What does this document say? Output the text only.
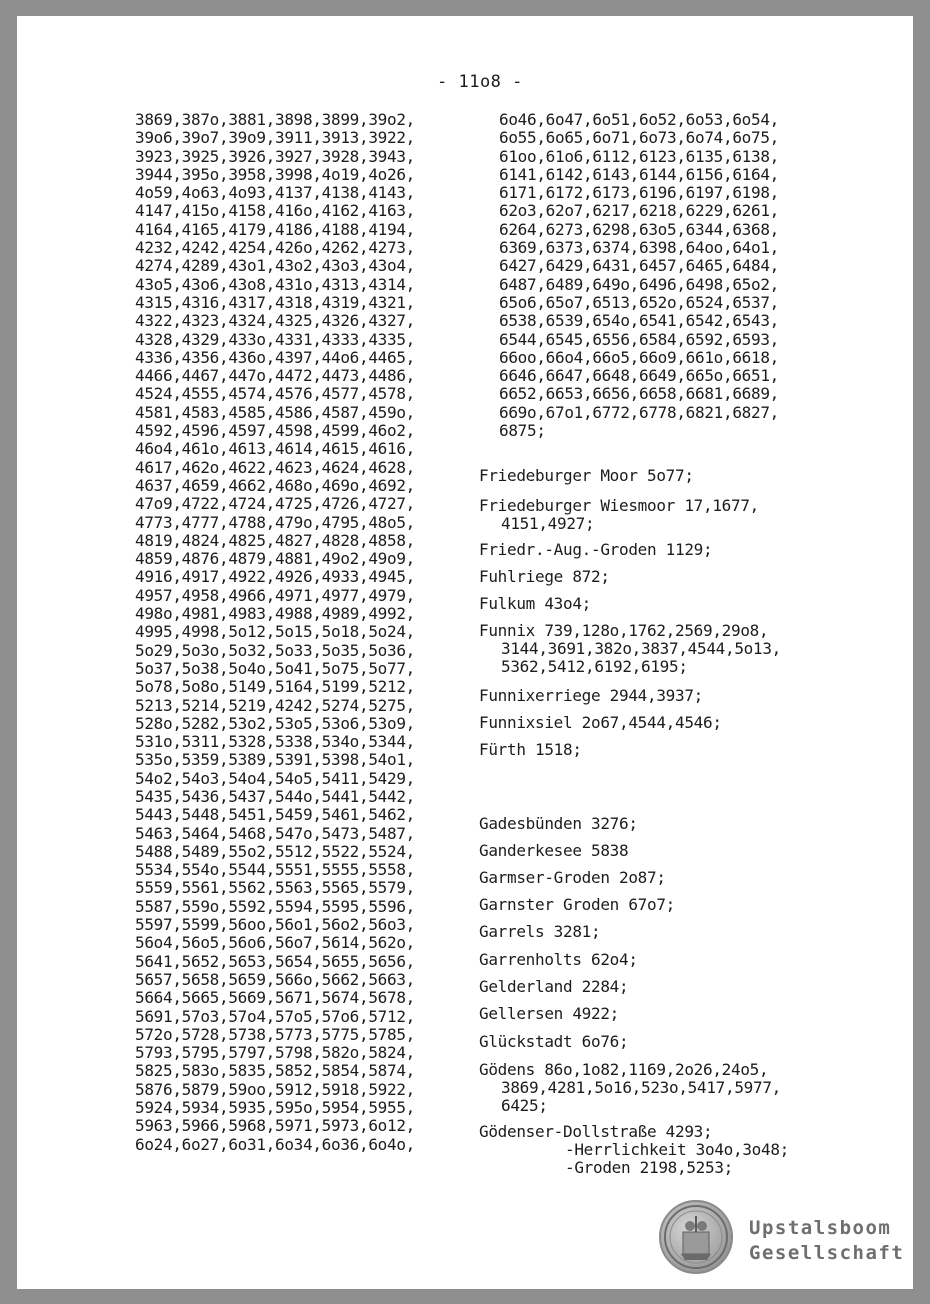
- 11o8 -
3869,387o,3881,3898,3899,39o2,
39o6,39o7,39o9,3911,3913,3922,
3923,3925,3926,3927,3928,3943,
3944,395o,3958,3998,4o19,4o26,
4o59,4o63,4o93,4137,4138,4143,
4147,415o,4158,416o,4162,4163,
4164,4165,4179,4186,4188,4194,
4232,4242,4254,426o,4262,4273,
4274,4289,43o1,43o2,43o3,43o4,
43o5,43o6,43o8,431o,4313,4314,
4315,4316,4317,4318,4319,4321,
4322,4323,4324,4325,4326,4327,
4328,4329,433o,4331,4333,4335,
4336,4356,436o,4397,44o6,4465,
4466,4467,447o,4472,4473,4486,
4524,4555,4574,4576,4577,4578,
4581,4583,4585,4586,4587,459o,
4592,4596,4597,4598,4599,46o2,
46o4,461o,4613,4614,4615,4616,
4617,462o,4622,4623,4624,4628,
4637,4659,4662,468o,469o,4692,
47o9,4722,4724,4725,4726,4727,
4773,4777,4788,479o,4795,48o5,
4819,4824,4825,4827,4828,4858,
4859,4876,4879,4881,49o2,49o9,
4916,4917,4922,4926,4933,4945,
4957,4958,4966,4971,4977,4979,
498o,4981,4983,4988,4989,4992,
4995,4998,5o12,5o15,5o18,5o24,
5o29,5o3o,5o32,5o33,5o35,5o36,
5o37,5o38,5o4o,5o41,5o75,5o77,
5o78,5o8o,5149,5164,5199,5212,
5213,5214,5219,4242,5274,5275,
528o,5282,53o2,53o5,53o6,53o9,
531o,5311,5328,5338,534o,5344,
535o,5359,5389,5391,5398,54o1,
54o2,54o3,54o4,54o5,5411,5429,
5435,5436,5437,544o,5441,5442,
5443,5448,5451,5459,5461,5462,
5463,5464,5468,547o,5473,5487,
5488,5489,55o2,5512,5522,5524,
5534,554o,5544,5551,5555,5558,
5559,5561,5562,5563,5565,5579,
5587,559o,5592,5594,5595,5596,
5597,5599,56oo,56o1,56o2,56o3,
56o4,56o5,56o6,56o7,5614,562o,
5641,5652,5653,5654,5655,5656,
5657,5658,5659,566o,5662,5663,
5664,5665,5669,5671,5674,5678,
5691,57o3,57o4,57o5,57o6,5712,
572o,5728,5738,5773,5775,5785,
5793,5795,5797,5798,582o,5824,
5825,583o,5835,5852,5854,5874,
5876,5879,59oo,5912,5918,5922,
5924,5934,5935,595o,5954,5955,
5963,5966,5968,5971,5973,6o12,
6o24,6o27,6o31,6o34,6o36,6o4o,
6o46,6o47,6o51,6o52,6o53,6o54,
6o55,6o65,6o71,6o73,6o74,6o75,
61oo,61o6,6112,6123,6135,6138,
6141,6142,6143,6144,6156,6164,
6171,6172,6173,6196,6197,6198,
62o3,62o7,6217,6218,6229,6261,
6264,6273,6298,63o5,6344,6368,
6369,6373,6374,6398,64oo,64o1,
6427,6429,6431,6457,6465,6484,
6487,6489,649o,6496,6498,65o2,
65o6,65o7,6513,652o,6524,6537,
6538,6539,654o,6541,6542,6543,
6544,6545,6556,6584,6592,6593,
66oo,66o4,66o5,66o9,661o,6618,
6646,6647,6648,6649,665o,6651,
6652,6653,6656,6658,6681,6689,
669o,67o1,6772,6778,6821,6827,
6875;
Friedeburger Moor 5o77;
Friedeburger Wiesmoor 17,1677,
4151,4927;
Friedr.-Aug.-Groden 1129;
Fuhlriege 872;
Fulkum 43o4;
Funnix 739,128o,1762,2569,29o8,
3144,3691,382o,3837,4544,5o13,
5362,5412,6192,6195;
Funnixerriege 2944,3937;
Funnixsiel 2o67,4544,4546;
Fürth 1518;
Gadesbünden 3276;
Ganderkesee 5838
Garmser-Groden 2o87;
Garnster Groden 67o7;
Garrels 3281;
Garrenholts 62o4;
Gelderland 2284;
Gellersen 4922;
Glückstadt 6o76;
Gödens 86o,1o82,1169,2o26,24o5,
3869,4281,5o16,523o,5417,5977,
6425;
Gödenser-Dollstraße 4293;
-Herrlichkeit 3o4o,3o48;
-Groden 2198,5253;
Upstalsboom
Gesellschaft
